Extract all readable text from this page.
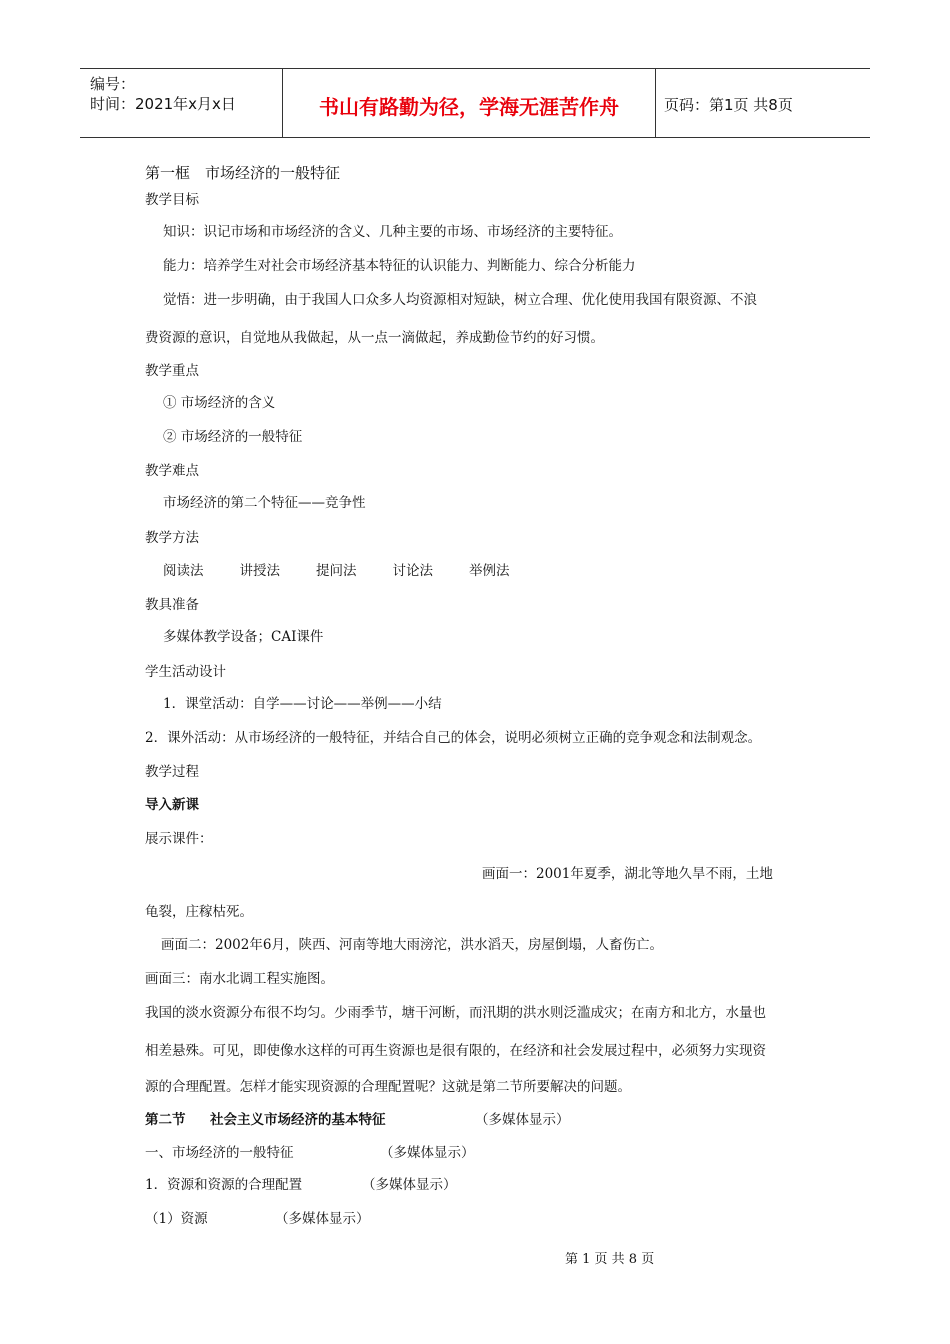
编号：
时间：2021年x月x日	书山有路勤为径，学海无涯苦作舟	页码：第1页 共8页
第一框　市场经济的一般特征
教学目标
知识：识记市场和市场经济的含义、几种主要的市场、市场经济的主要特征。
能力：培养学生对社会市场经济基本特征的认识能力、判断能力、综合分析能力
觉悟：进一步明确，由于我国人口众多人均资源相对短缺，树立合理、优化使用我国有限资源、不浪
费资源的意识，自觉地从我做起，从一点一滴做起，养成勤俭节约的好习惯。
教学重点
① 市场经济的含义
② 市场经济的一般特征
教学难点
市场经济的第二个特征——竞争性
教学方法
阅读法	讲授法	提问法	讨论法	举例法
教具准备
多媒体教学设备；CAI课件
学生活动设计
1．课堂活动：自学——讨论——举例——小结
2．课外活动：从市场经济的一般特征，并结合自己的体会，说明必须树立正确的竞争观念和法制观念。
教学过程
导入新课
展示课件：
画面一：2001年夏季，湖北等地久旱不雨，土地
龟裂，庄稼枯死。
画面二：2002年6月，陕西、河南等地大雨滂沱，洪水滔天，房屋倒塌，人畜伤亡。
画面三：南水北调工程实施图。
我国的淡水资源分布很不均匀。少雨季节，塘干河断，而汛期的洪水则泛滥成灾；在南方和北方，水量也
相差悬殊。可见，即使像水这样的可再生资源也是很有限的，在经济和社会发展过程中，必须努力实现资
源的合理配置。怎样才能实现资源的合理配置呢？这就是第二节所要解决的问题。
第二节 社会主义市场经济的基本特征	（多媒体显示）
一、市场经济的一般特征	（多媒体显示）
1．资源和资源的合理配置	（多媒体显示）
（1）资源	（多媒体显示）
第 1 页 共 8 页
